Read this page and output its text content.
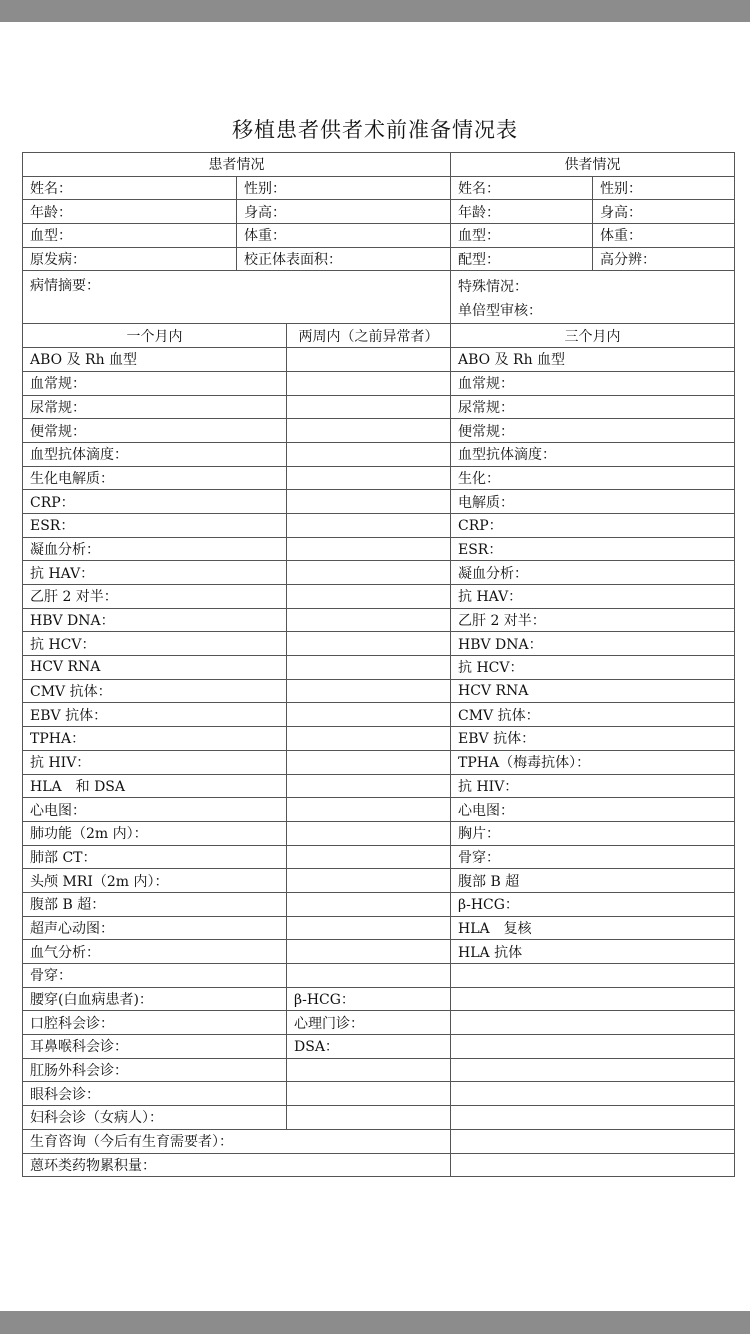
移植患者供者术前准备情况表
患者情况			供者情况	
姓名：	性别：		姓名：	性别：
年龄：	身高：		年龄：	身高：
血型：	体重：		血型：	体重：
原发病：	校正体表面积：		配型：	高分辨：
病情摘要：			特殊情况：
单倍型审核：	

一个月内		两周内（之前异常者）	三个月内	
ABO 及 Rh 血型			ABO 及 Rh 血型	
血常规：			血常规：	
尿常规：			尿常规：	
便常规：			便常规：	
血型抗体滴度：			血型抗体滴度：	
生化电解质：			生化：	
CRP：			电解质：	
ESR：			CRP：	
凝血分析：			ESR：	
抗 HAV：			凝血分析：	
乙肝 2 对半：			抗 HAV：	
HBV DNA：			乙肝 2 对半：	
抗 HCV：			HBV DNA：	
HCV RNA			抗 HCV：	
CMV 抗体：			HCV RNA	
EBV 抗体：			CMV 抗体：	
TPHA：			EBV 抗体：	
抗 HIV：			TPHA（梅毒抗体）：	
HLA　和 DSA			抗 HIV：	
心电图：			心电图：	
肺功能（2m 内）：			胸片：	
肺部 CT：			骨穿：	
头颅 MRI（2m 内）：			腹部 B 超	
腹部 B 超：			β-HCG：	
超声心动图：			HLA　复核	
血气分析：			HLA 抗体	
骨穿：				
腰穿(白血病患者)：		β-HCG：		
口腔科会诊：		心理门诊：		
耳鼻喉科会诊：		DSA：		
肛肠外科会诊：				
眼科会诊：				
妇科会诊（女病人）：				
生育咨询（今后有生育需要者）：				
蒽环类药物累积量：				
